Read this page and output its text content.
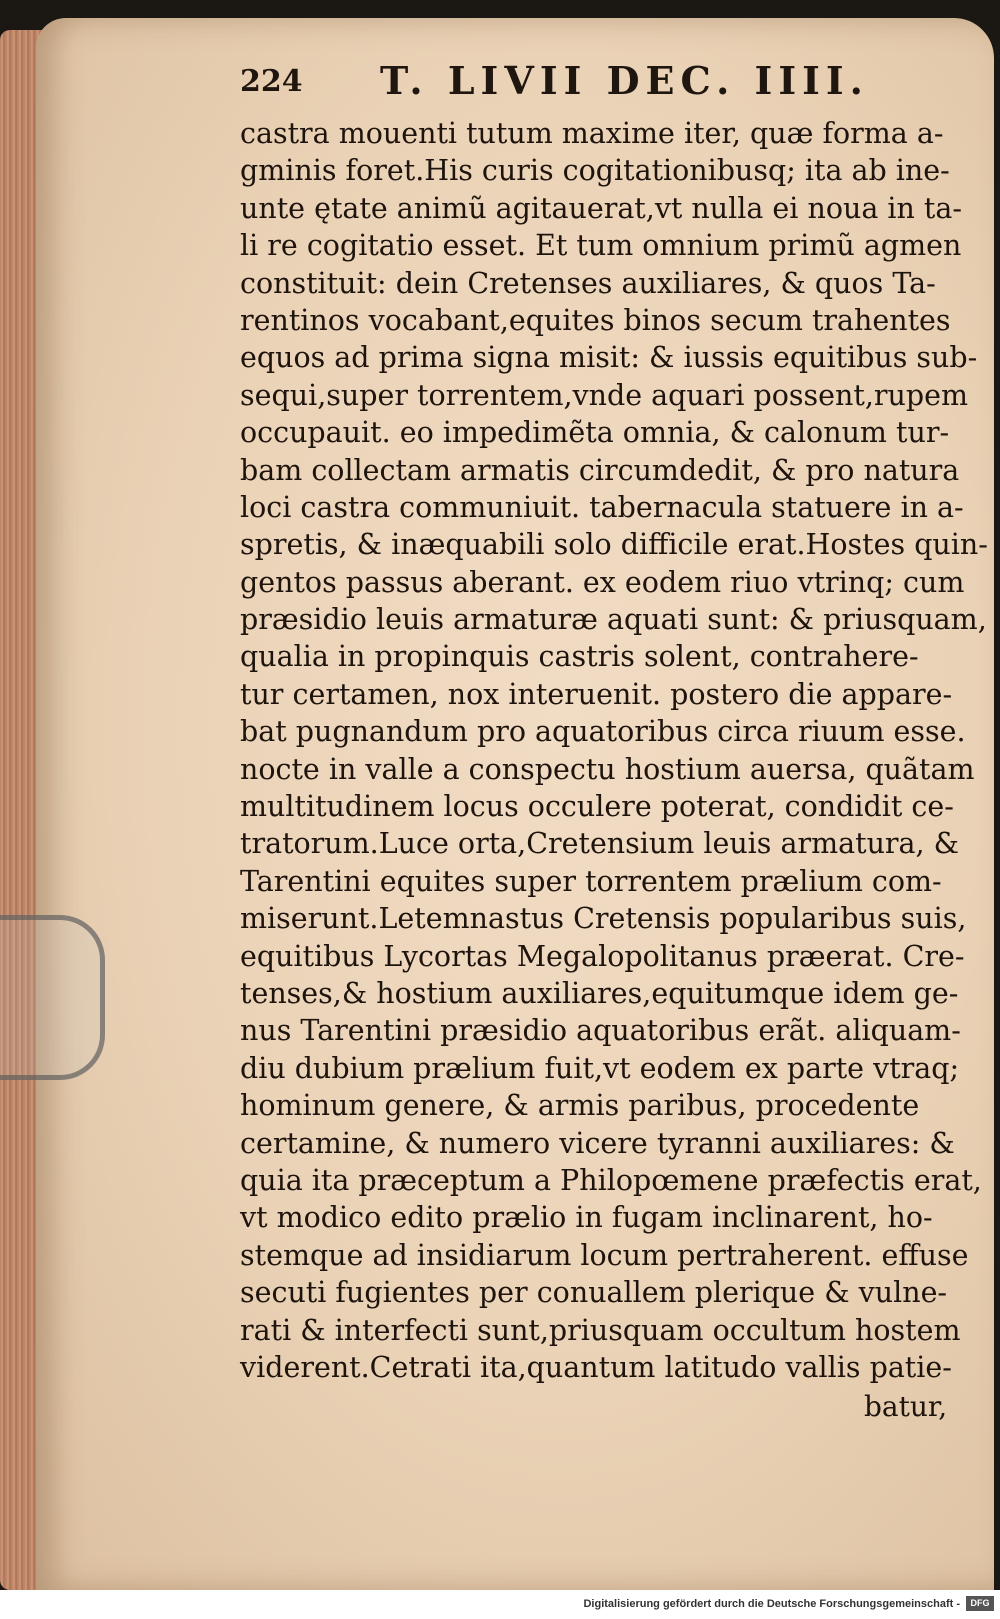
224 T. LIVII DEC. IIII.
castra mouenti tutum maxime iter, quæ forma a-
gminis foret.His curis cogitationibusq; ita ab ine-
unte ętate animũ agitauerat,vt nulla ei noua in ta-
li re cogitatio esset. Et tum omnium primũ agmen
constituit: dein Cretenses auxiliares, & quos Ta-
rentinos vocabant,equites binos secum trahentes
equos ad prima signa misit: & iussis equitibus sub-
sequi,super torrentem,vnde aquari possent,rupem
occupauit. eo impedimẽta omnia, & calonum tur-
bam collectam armatis circumdedit, & pro natura
loci castra communiuit. tabernacula statuere in a-
spretis, & inæquabili solo difficile erat.Hostes quin-
gentos passus aberant. ex eodem riuo vtrinq; cum
præsidio leuis armaturæ aquati sunt: & priusquam,
qualia in propinquis castris solent, contrahere-
tur certamen, nox interuenit. postero die appare-
bat pugnandum pro aquatoribus circa riuum esse.
nocte in valle a conspectu hostium auersa, quãtam
multitudinem locus occulere poterat, condidit ce-
tratorum.Luce orta,Cretensium leuis armatura, &
Tarentini equites super torrentem prælium com-
miserunt.Letemnastus Cretensis popularibus suis,
equitibus Lycortas Megalopolitanus præerat. Cre-
tenses,& hostium auxiliares,equitumque idem ge-
nus Tarentini præsidio aquatoribus erãt. aliquam-
diu dubium prælium fuit,vt eodem ex parte vtraq;
hominum genere, & armis paribus, procedente
certamine, & numero vicere tyranni auxiliares: &
quia ita præceptum a Philopœmene præfectis erat,
vt modico edito prælio in fugam inclinarent, ho-
stemque ad insidiarum locum pertraherent. effuse
secuti fugientes per conuallem plerique & vulne-
rati & interfecti sunt,priusquam occultum hostem
viderent.Cetrati ita,quantum latitudo vallis patie-
batur,
Digitalisierung gefördert durch die Deutsche Forschungsgemeinschaft -	DFG
